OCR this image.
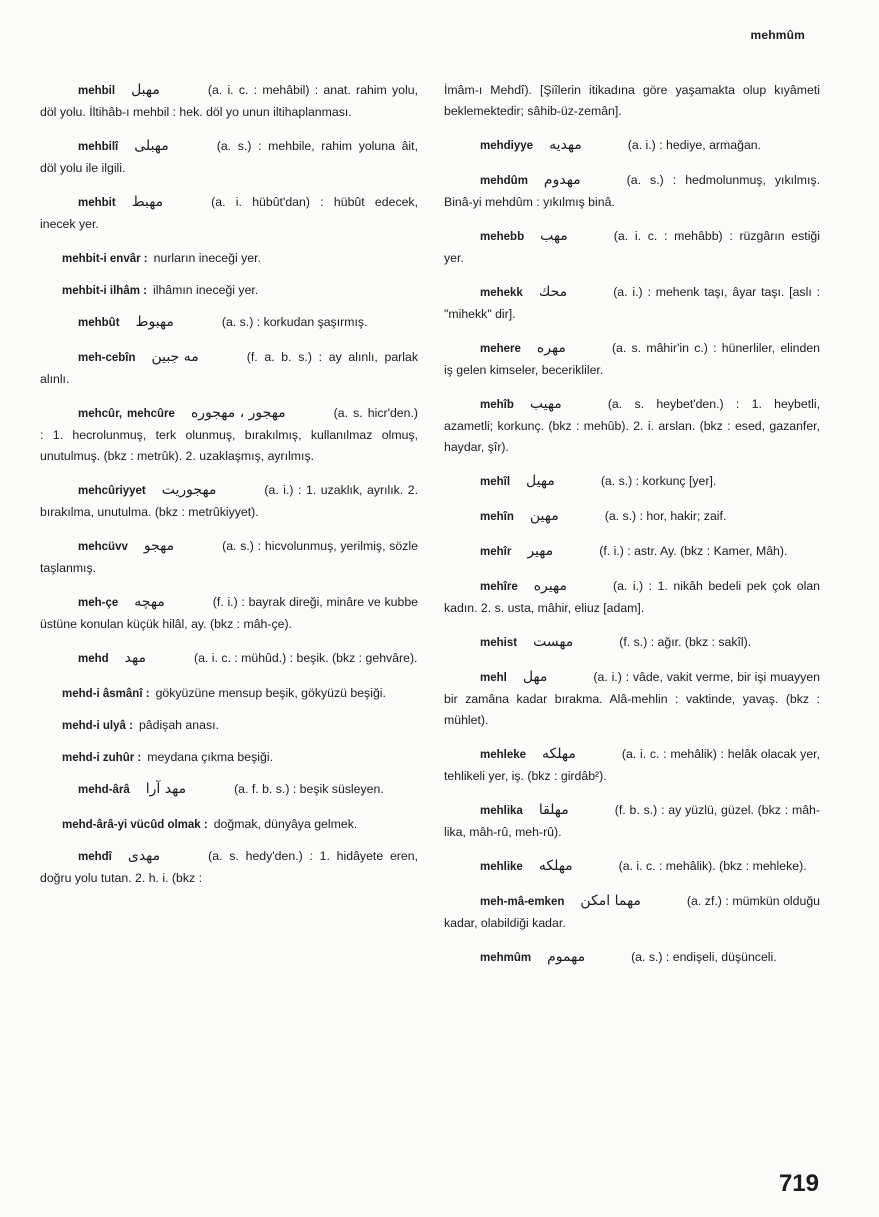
mehmûm

mehbil مهبل	(a. i. c. : mehâbil) : anat. rahim yolu, döl yolu. İltihâb-ı mehbil : hek. döl yo unun iltihaplanması.

mehbilî مهبلی	(a. s.) : mehbile, rahim yoluna âit, döl yolu ile ilgili.

mehbit مهبط	(a. i. hübût'dan) : hübût edecek, inecek yer.

mehbit-i envâr : nurların ineceği yer.

mehbit-i ilhâm : ilhâmın ineceği yer.

mehbût مهبوط	(a. s.) : korkudan şaşırmış.

meh-cebîn مه جبین	(f. a. b. s.) : ay alınlı, parlak alınlı.

mehcûr, mehcûre مهجور ، مهجوره	(a. s. hicr'den.) : 1. hecrolunmuş, terk olunmuş, bırakılmış, kullanılmaz olmuş, unutulmuş. (bkz : metrûk). 2. uzaklaşmış, ayrılmış.

mehcûriyyet مهجوریت	(a. i.) : 1. uzaklık, ayrılık. 2. bırakılma, unutulma. (bkz : metrûkiyyet).

mehcüvv مهجو	(a. s.) : hicvolunmuş, yerilmiş, sözle taşlanmış.

meh-çe مهچه	(f. i.) : bayrak direği, minâre ve kubbe üstüne konulan küçük hilâl, ay. (bkz : mâh-çe).

mehd مهد	(a. i. c. : mühûd.) : beşik. (bkz : gehvâre).

mehd-i âsmânî : gökyüzüne mensup beşik, gökyüzü beşiği.

mehd-i ulyâ : pâdişah anası.

mehd-i zuhûr : meydana çıkma beşiği.

mehd-ârâ مهد آرا	(a. f. b. s.) : beşik süsleyen.

mehd-ârâ-yi vücûd olmak : doğmak, dünyâya gelmek.

mehdî مهدی	(a. s. hedy'den.) : 1. hidâyete eren, doğru yolu tutan. 2. h. i. (bkz :

İmâm-ı Mehdî). [Şiîlerin itikadına göre yaşamakta olup kıyâmeti beklemektedir; sâhib-üz-zemân].

mehdiyye مهدیه	(a. i.) : hediye, armağan.

mehdûm مهدوم	(a. s.) : hedmolunmuş, yıkılmış. Binâ-yi mehdûm : yıkılmış binâ.

mehebb مهب	(a. i. c. : mehâbb) : rüzgârın estiği yer.

mehekk محك	(a. i.) : mehenk taşı, âyar taşı. [aslı : "mihekk" dir].

mehere مهره	(a. s. mâhir'in c.) : hünerliler, elinden iş gelen kimseler, becerikliler.

mehîb مهیب	(a. s. heybet'den.) : 1. heybetli, azametli; korkunç. (bkz : mehûb). 2. i. arslan. (bkz : esed, gazanfer, haydar, şîr).

mehîl مهیل	(a. s.) : korkunç [yer].

mehîn مهین	(a. s.) : hor, hakir; zaif.

mehîr مهیر	(f. i.) : astr. Ay. (bkz : Kamer, Mâh).

mehîre مهیره	(a. i.) : 1. nikâh bedeli pek çok olan kadın. 2. s. usta, mâhir, eliuz [adam].

mehist مهست	(f. s.) : ağır. (bkz : sakîl).

mehl مهل	(a. i.) : vâde, vakit verme, bir işi muayyen bir zamâna kadar bırakma. Alâ-mehlin : vaktinde, yavaş. (bkz : mühlet).

mehleke مهلكه	(a. i. c. : mehâlik) : helâk olacak yer, tehlikeli yer, iş. (bkz : girdâb²).

mehlika مهلقا	(f. b. s.) : ay yüzlü, güzel. (bkz : mâh-lika, mâh-rû, meh-rû).

mehlike مهلكه	(a. i. c. : mehâlik). (bkz : mehleke).

meh-mâ-emken مهما امكن	(a. zf.) : mümkün olduğu kadar, olabildiği kadar.

mehmûm مهموم	(a. s.) : endişeli, düşünceli.

719
